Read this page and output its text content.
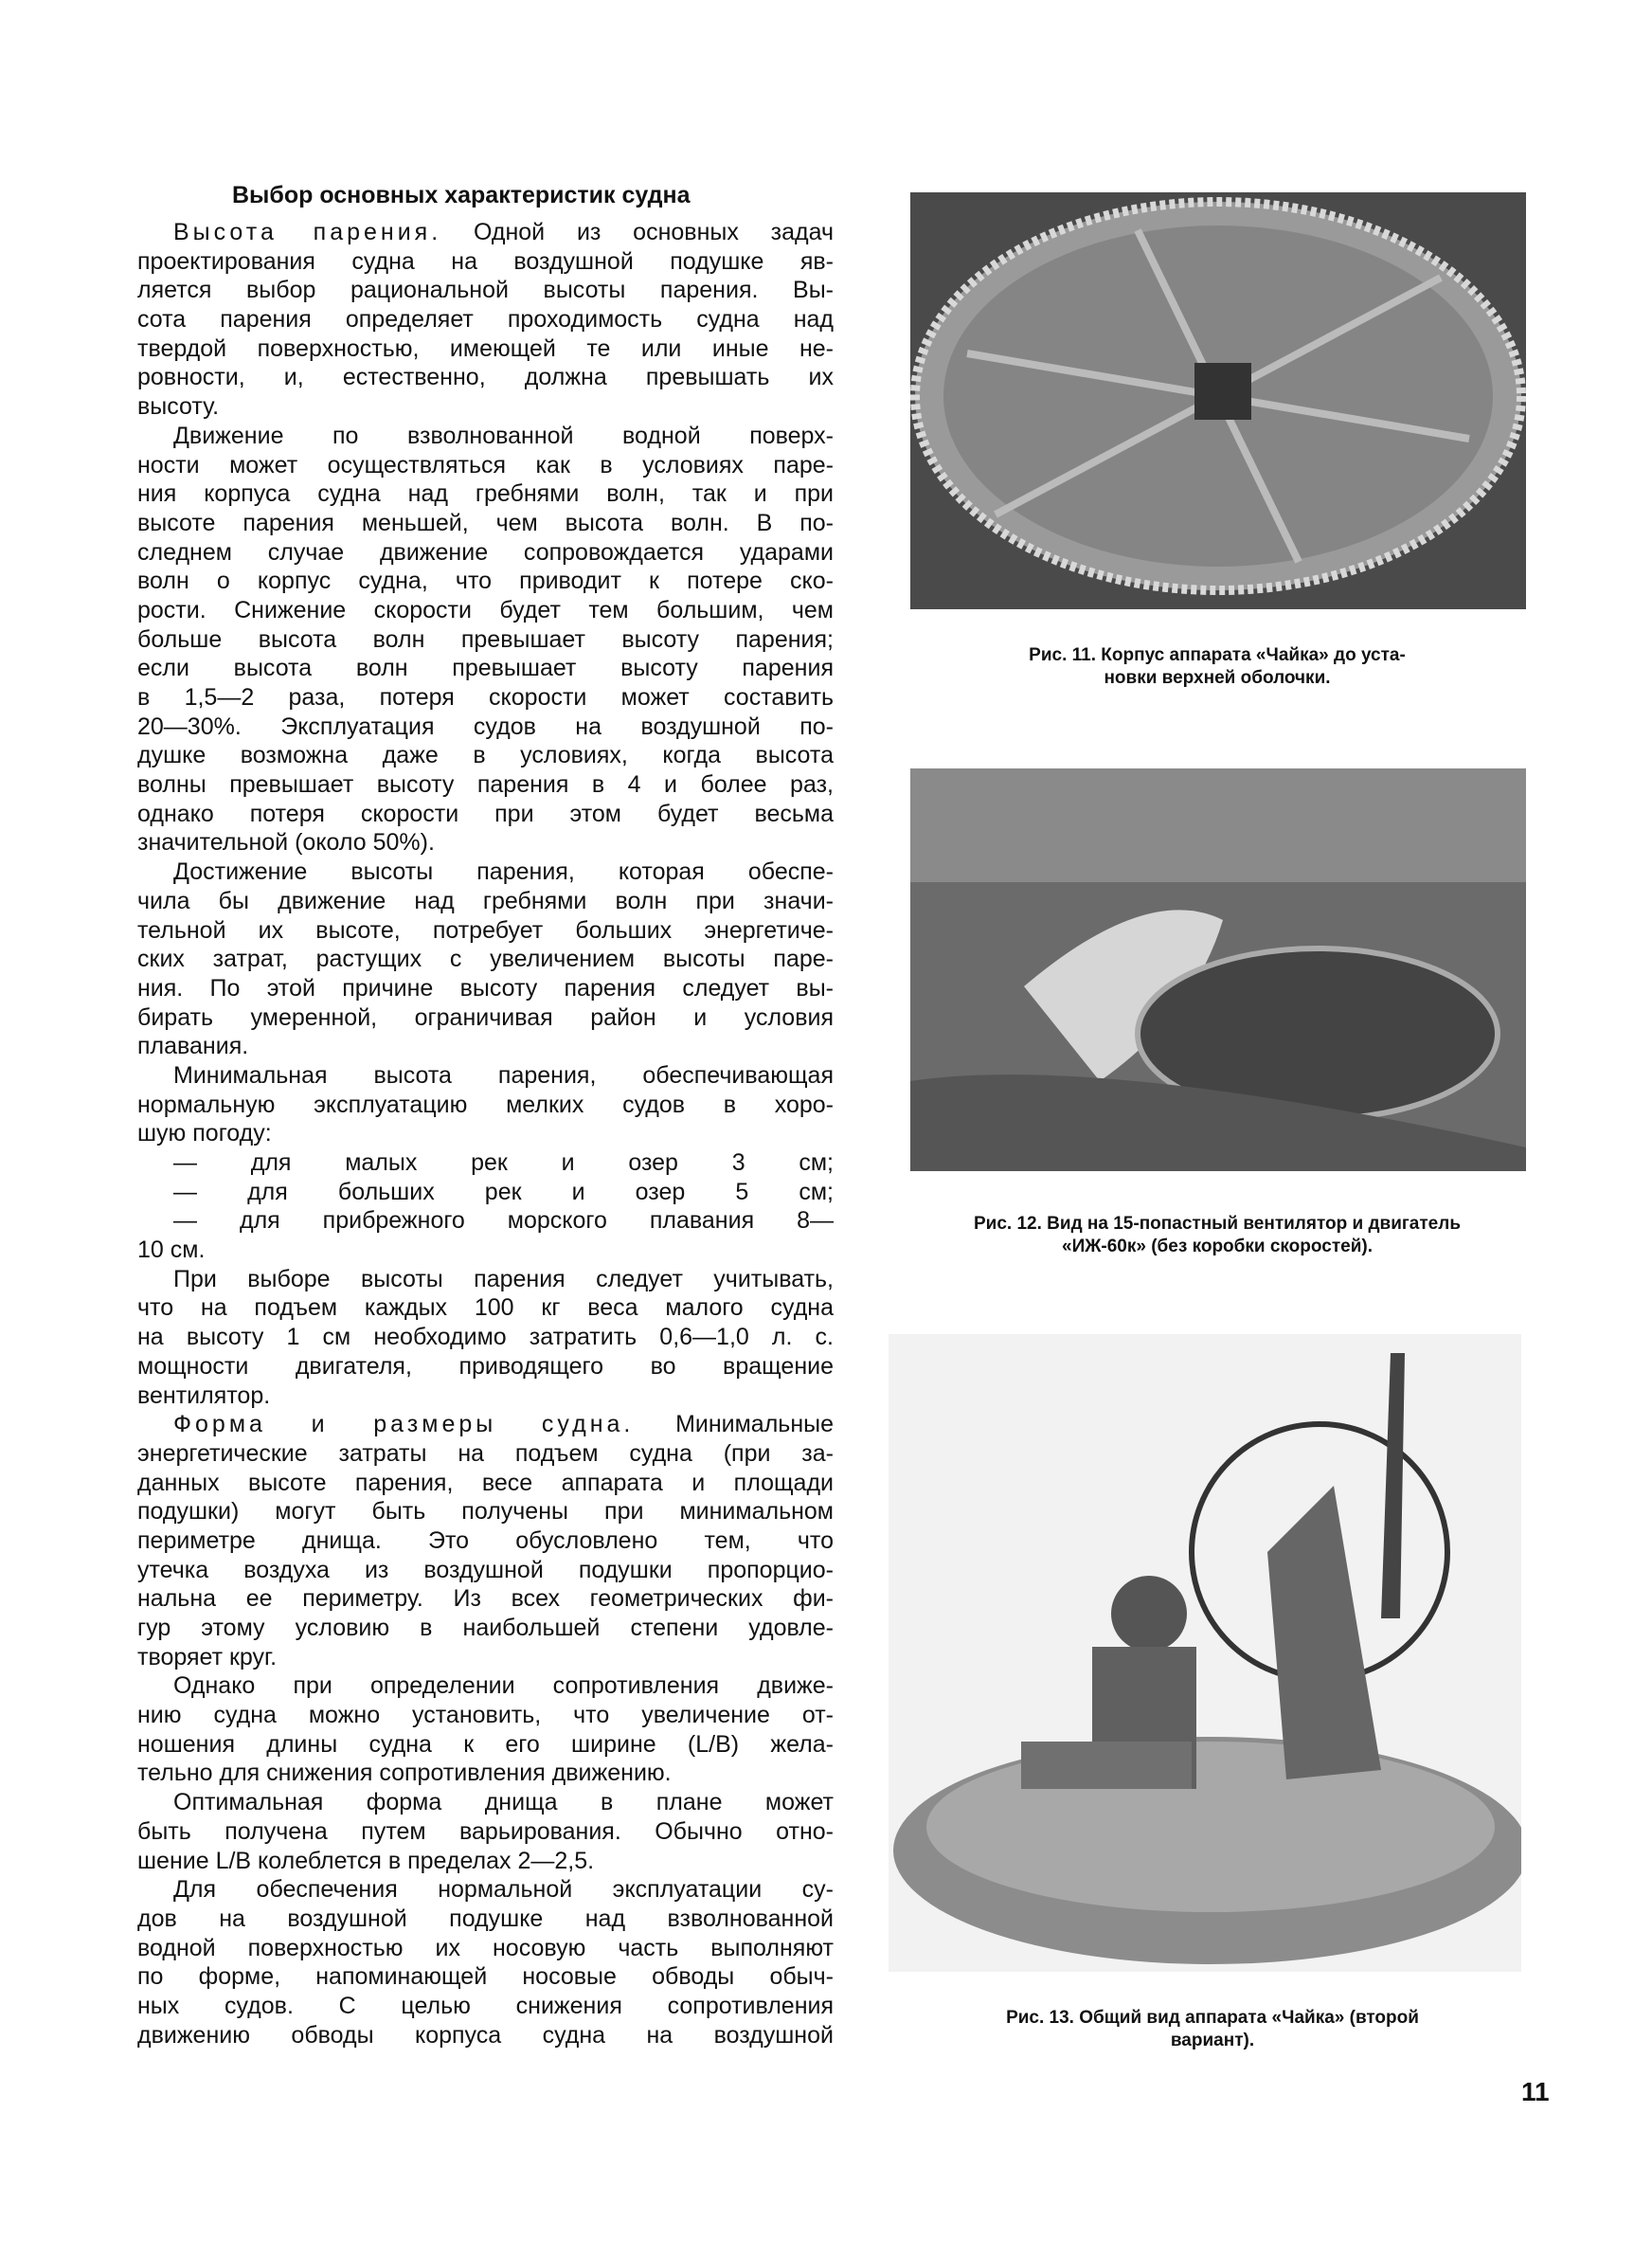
Выбор основных характеристик судна
Высота парения. Одной из основных задач
проектирования судна на воздушной подушке яв-
ляется выбор рациональной высоты парения. Вы-
сота парения определяет проходимость судна над
твердой поверхностью, имеющей те или иные не-
ровности, и, естественно, должна превышать их
высоту.
Движение по взволнованной водной поверх-
ности может осуществляться как в условиях паре-
ния корпуса судна над гребнями волн, так и при
высоте парения меньшей, чем высота волн. В по-
следнем случае движение сопровождается ударами
волн о корпус судна, что приводит к потере ско-
рости. Снижение скорости будет тем большим, чем
больше высота волн превышает высоту парения;
если высота волн превышает высоту парения
в 1,5—2 раза, потеря скорости может составить
20—30%. Эксплуатация судов на воздушной по-
душке возможна даже в условиях, когда высота
волны превышает высоту парения в 4 и более раз,
однако потеря скорости при этом будет весьма
значительной (около 50%).
Достижение высоты парения, которая обеспе-
чила бы движение над гребнями волн при значи-
тельной их высоте, потребует больших энергетиче-
ских затрат, растущих с увеличением высоты паре-
ния. По этой причине высоту парения следует вы-
бирать умеренной, ограничивая район и условия
плавания.
Минимальная высота парения, обеспечивающая
нормальную эксплуатацию мелких судов в хоро-
шую погоду:
— для малых рек и озер 3 см;
— для больших рек и озер 5 см;
— для прибрежного морского плавания 8—
10 см.
При выборе высоты парения следует учитывать,
что на подъем каждых 100 кг веса малого судна
на высоту 1 см необходимо затратить 0,6—1,0 л. с.
мощности двигателя, приводящего во вращение
вентилятор.
Форма и размеры судна. Минимальные
энергетические затраты на подъем судна (при за-
данных высоте парения, весе аппарата и площади
подушки) могут быть получены при минимальном
периметре днища. Это обусловлено тем, что
утечка воздуха из воздушной подушки пропорцио-
нальна ее периметру. Из всех геометрических фи-
гур этому условию в наибольшей степени удовле-
творяет круг.
Однако при определении сопротивления движе-
нию судна можно установить, что увеличение от-
ношения длины судна к его ширине (L/B) жела-
тельно для снижения сопротивления движению.
Оптимальная форма днища в плане может
быть получена путем варьирования. Обычно отно-
шение L/B колеблется в пределах 2—2,5.
Для обеспечения нормальной эксплуатации су-
дов на воздушной подушке над взволнованной
водной поверхностью их носовую часть выполняют
по форме, напоминающей носовые обводы обыч-
ных судов. С целью снижения сопротивления
движению обводы корпуса судна на воздушной
Рис. 11. Корпус аппарата «Чайка» до уста-
новки верхней оболочки.
Рис. 12. Вид на 15-попастный вентилятор и двигатель
«ИЖ-60к» (без коробки скоростей).
Рис. 13. Общий вид аппарата «Чайка» (второй
вариант).
11
